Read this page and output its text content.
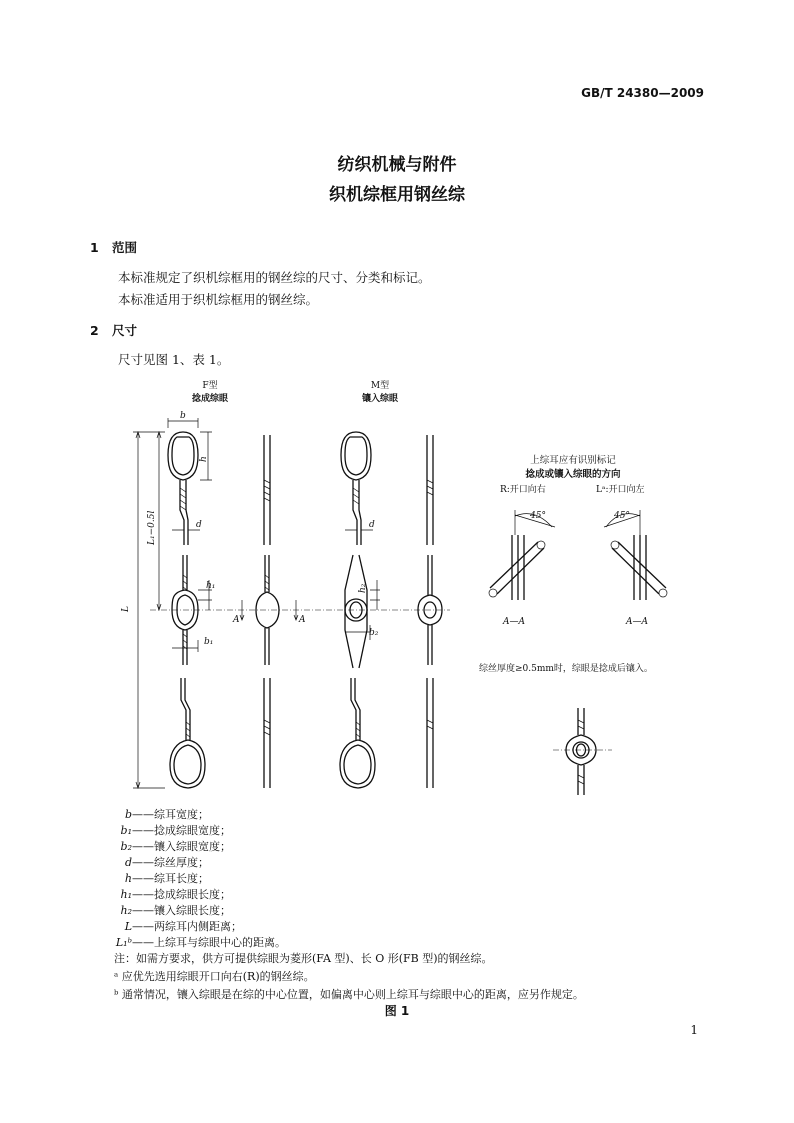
GB/T 24380—2009
纺织机械与附件
织机综框用钢丝综
1 范围
本标准规定了织机综框用的钢丝综的尺寸、分类和标记。
本标准适用于织机综框用的钢丝综。
2 尺寸
尺寸见图 1、表 1。
F型
捻成综眼
M型
镶入综眼
上综耳应有识别标记
捻成或镶入综眼的方向
R:开口向右	Lᵃ:开口向左
综丝厚度≥0.5mm时，综眼是捻成后镶入。
A	A
L
L₁−0.5l
b
h
d	d
h₁
b₁
h₂
b₂
45°
A—A
45°
A—A
b ——综耳宽度；
b₁ ——捻成综眼宽度；
b₂ ——镶入综眼宽度；
d ——综丝厚度；
h ——综耳长度；
h₁ ——捻成综眼长度；
h₂ ——镶入综眼长度；
L ——两综耳内侧距离；
L₁ᵇ ——上综耳与综眼中心的距离。
注：如需方要求，供方可提供综眼为菱形(FA 型)、长 O 形(FB 型)的钢丝综。
ᵃ 应优先选用综眼开口向右(R)的钢丝综。
ᵇ 通常情况，镶入综眼是在综的中心位置，如偏离中心则上综耳与综眼中心的距离，应另作规定。
图 1
1
